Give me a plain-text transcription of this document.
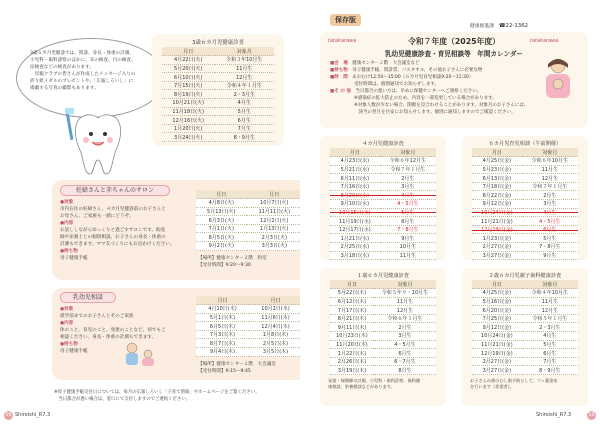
3歳６カ月児健診では、問診、身長・体重の計測、
小児科・歯科診察のほかに、耳の検査、目の検査、
尿検査などの検査があります。
　母親クラブの皆さんが作成したメッセージ入りの
折り紙メダルのプレゼントや、「広報しろいし」に
掲載する写真の撮影もあります。
3歳６カ月児健康診査
月日	対象月
4月22日(火)	令和３年10月生
5月20日(火)	11月生
6月10日(火)	12月生
7月15日(火)	令和４年１月生
8月19日(火)	2・3月生
10月21日(火)	4月生
11月18日(火)	5月生
12月16日(火)	6月生
1月20日(火)	7月生
3月24日(火)	8・9月生
妊婦さんと赤ちゃんのサロン
●対象
市内在住の妊婦さん、４カ月児健診前のお子さんと
お母さん。ご家族も一緒にどうぞ。
●内容
お話ししながらゆっくりと過ごすサロンです。助産
師や栄養士との個別相談、お子さんの身長・体重の
計測もできます。ママ友づくりにもお出かけください。
●持ち物
母子健康手帳
月日	月日
4月8日(火)	10月7日(火)
5月13日(火)	11月11日(火)
6月3日(火)	12月2日(火)
7月1日(火)	1月13日(火)
8月5日(火)	2月3日(火)
9月2日(火)	3月3日(火)
【場所】健康センター２階　和室
【受付時間】9:20～9:30
乳幼児相談
●対象
就学前までのお子さんとそのご家族
●内容
体のこと、育児のこと、発達のことなど、何でもご
相談ください。身長・体重の計測もできます。
●持ち物
母子健康手帳
月日	月日
4月10日(木)	10月2日(木)
5月1日(木)	11月6日(木)
6月5日(木)	12月4日(木)
7月3日(木)	1月8日(木)
8月7日(木)	2月5日(木)
9月4日(木)	3月5日(木)
【場所】健康センター２階　大会議室
【受付時間】9:15～9:45
※母子健康手帳交付日については、毎月の広報しろいし「子育て情報」やホームページをご覧ください。
　当日都合が悪い場合は、窓口にて交付しますのでご連絡ください。
16 Shiroishi_R7.3
保存版
健康推進課　 ☎22-1362
tatakarawa	tatakarawa
令和７年度（2025年度）
乳幼児健康診査・育児相談等　年間カレンダー
■会　場　 健康センター２階　大会議室など
■持ち物　 母子健康手帳、問診票、バスタオル、その他お子さんに必要な物
■時　間　 あおむけ12:50～15:00（６カ月児育児相談9:20～11:30）
受付時間は、個別通知でお知らせします。
■そ の 他　 当日都合の悪い方は、早めに保健センターへご連絡ください。
※感染症の拡大防止のため、内容を一部変更している場合があります。
※対象人数が少ない場合、開催を見合わせることがあります。対象月のお子さんには、
　該当の翌月を目安にお知らせします。個別に通知しますのでご確認ください。
４カ月児健康診査
月日	対象月
4月23日(水)	令和６年12月生
5月21日(水)	令和７年１月生
6月11日(水)	2月生
7月16日(水)	3月生
8月20日(水)	4月生
9月10日(水)	4・5月生
10月15日(水)	5月生
11月19日(水)	6月生
12月17日(水)	7・8月生
1月21日(水)	9月生
2月25日(水)	10月生
3月18日(水)	11月生
６カ月児育児相談（午前開催）
月日	対象月
4月25日(金)	令和６年10月生
5月23日(金)	11月生
6月13日(金)	12月生
7月18日(金)	令和７年１月生
8月22日(金)	2月生
9月12日(金)	3月生
10月24日(金)	4月生
11月21日(金)	4・5月生
12月19日(金)	6月生
1月23日(金)	5月生
2月27日(金)	7・8月生
3月27日(金)	9月生
１歳６カ月児健康診査
月日	対象月
5月22日(木)	令和５年９・10月生
6月12日(木)	11月生
7月17日(木)	12月生
8月21日(木)	令和６年１月生
9月11日(木)	2月生
10月23日(木)	3月生
11月20日(木)	4・5月生
1月22日(木)	6月生
2月26日(木)	6・7月生
3月19日(木)	8月生
発達・保健師の計測、小児科・歯科診察、歯科健
康相談、栄養相談などがあります。
２歳６カ月児親子歯科健康診査
月日	対象月
4月25日(金)	令和４年10月生
5月16日(金)	11月生
6月20日(金)	12月生
7月25日(金)	令和５年１月生
9月12日(金)	2・3月生
10月24日(金)	4月生
11月21日(金)	5月生
12月19日(金)	6月生
2月27日(金)	7月生
3月27日(金)	8・9月生
お子さんの歯のむし歯予防として、フッ素塗布
を行います（希望者）。
Shiroishi_R7.3	15
